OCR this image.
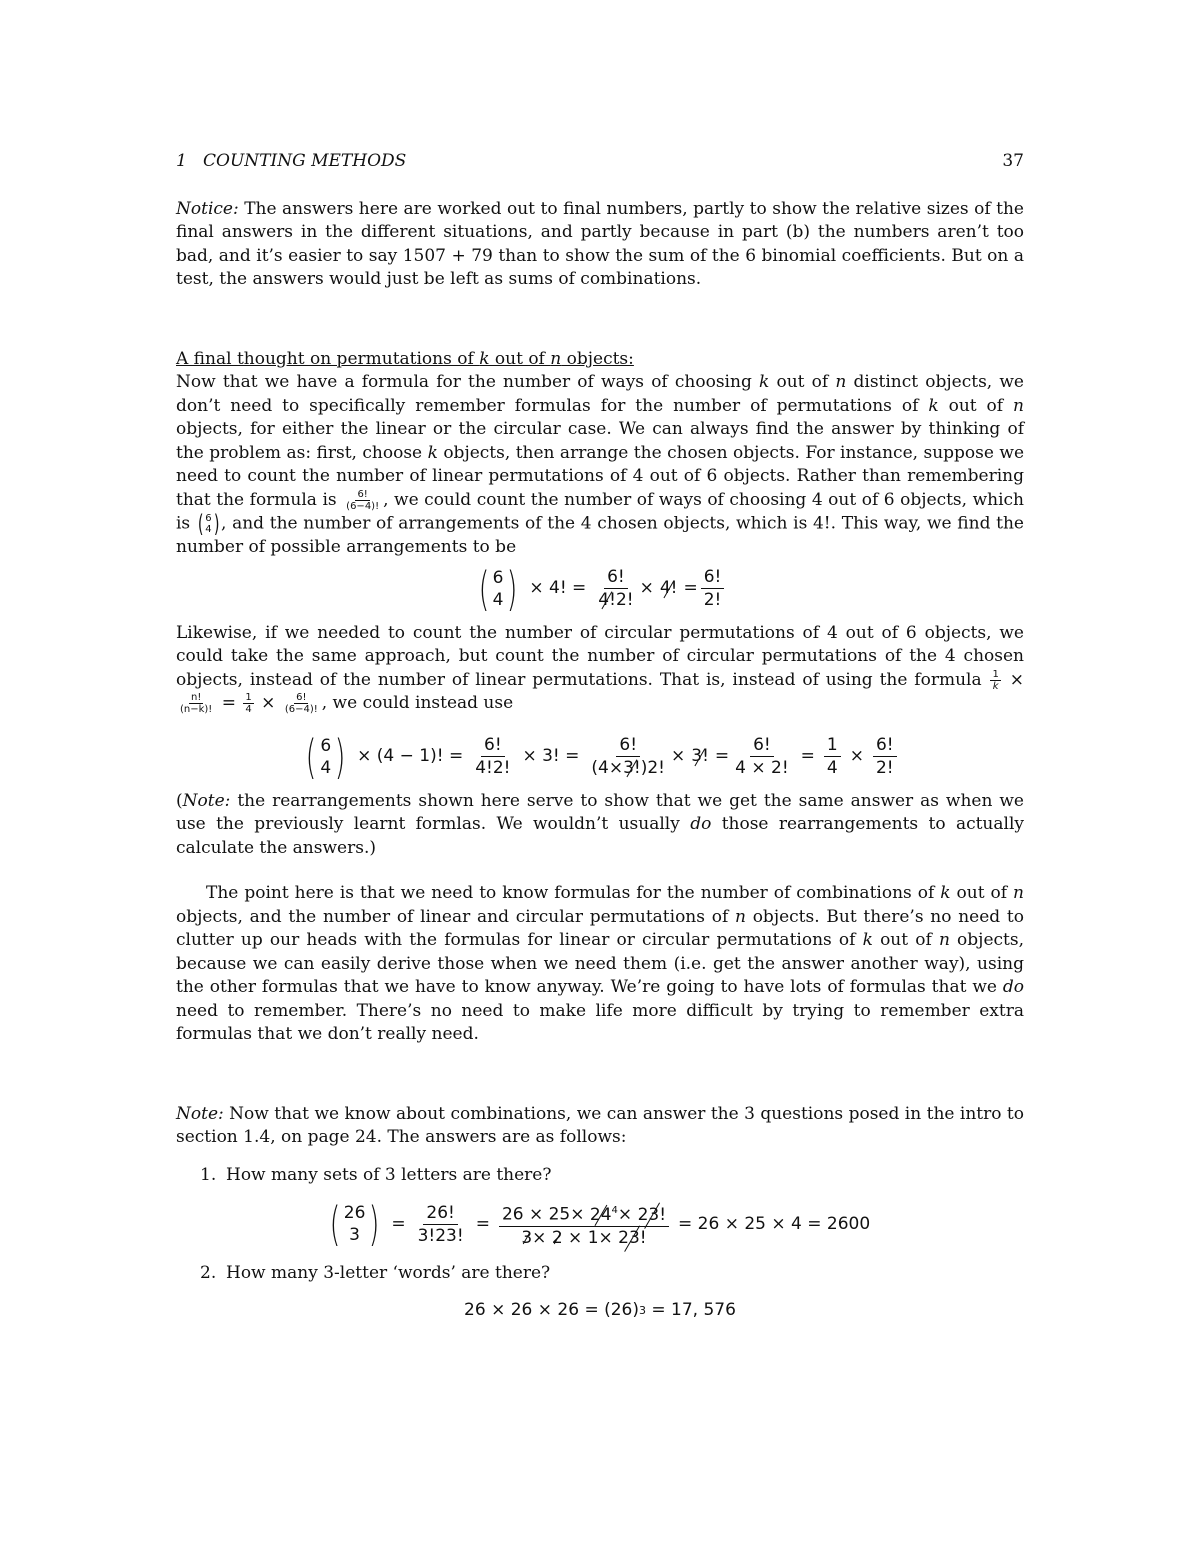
1   COUNTING METHODS	37

Notice: The answers here are worked out to final numbers, partly to show the relative sizes of the final answers in the different situations, and partly because in part (b) the numbers aren’t too bad, and it’s easier to say 1507 + 79 than to show the sum of the 6 binomial coefficients. But on a test, the answers would just be left as sums of combinations.

A final thought on permutations of k out of n objects:

Now that we have a formula for the number of ways of choosing k out of n distinct objects, we don’t need to specifically remember formulas for the number of permutations of k out of n objects, for either the linear or the circular case. We can always find the answer by thinking of the problem as: first, choose k objects, then arrange the chosen objects. For instance, suppose we need to count the number of linear permutations of 4 out of 6 objects. Rather than remembering that the formula is $\frac{6!}{(6-4)!}$ , we could count the number of ways of choosing 4 out of 6 objects, which is ( 6
4 ) , and the number of arrangements of the 4 chosen objects, which is 4!. This way, we find the number of possible arrangements to be

( 6
4 ) × 4! = $\frac{6!}{4!2!} \times 4$! = $\frac{6!}{2!}$

Likewise, if we needed to count the number of circular permutations of 4 out of 6 objects, we could take the same approach, but count the number of circular permutations of the 4 chosen objects, instead of the number of linear permutations. That is, instead of using the formula $\frac{1}{k}$ ×
$\frac{n!}{(n-k)!} = \frac{1}{4} \times \frac{6!}{(6-4)!}$ , we could instead use

( 6
4 ) × (4 − 1)! = $\frac{6!}{4!2!} \times 3$! = $\frac{6!}{(4\times 3!)2!} \times 3$! = $\frac{6!}{4 \times 2!} = \frac{1}{4} \times \frac{6!}{2!}$

(Note: the rearrangements shown here serve to show that we get the same answer as when we use the previously learnt formlas. We wouldn’t usually do those rearrangements to actually calculate the answers.)

The point here is that we need to know formulas for the number of combinations of k out of n objects, and the number of linear and circular permutations of n objects. But there’s no need to clutter up our heads with the formulas for linear or circular permutations of k out of n objects, because we can easily derive those when we need them (i.e. get the answer another way), using the other formulas that we have to know anyway. We’re going to have lots of formulas that we do need to remember. There’s no need to make life more difficult by trying to remember extra formulas that we don’t really need.

Note: Now that we know about combinations, we can answer the 3 questions posed in the intro to section 1.4, on page 24. The answers are as follows:

1. How many sets of 3 letters are there?
( 26
3 ) = $\frac{26!}{3!23!} = \frac{26 \times 25\times 24^4\times 23!}{3\times 2 \times 1\times 23!} = 26 \times 25 \times 4 = 2600$
2. How many 3-letter ‘words’ are there?
26 × 26 × 26 = (26) 3 = 17, 576
